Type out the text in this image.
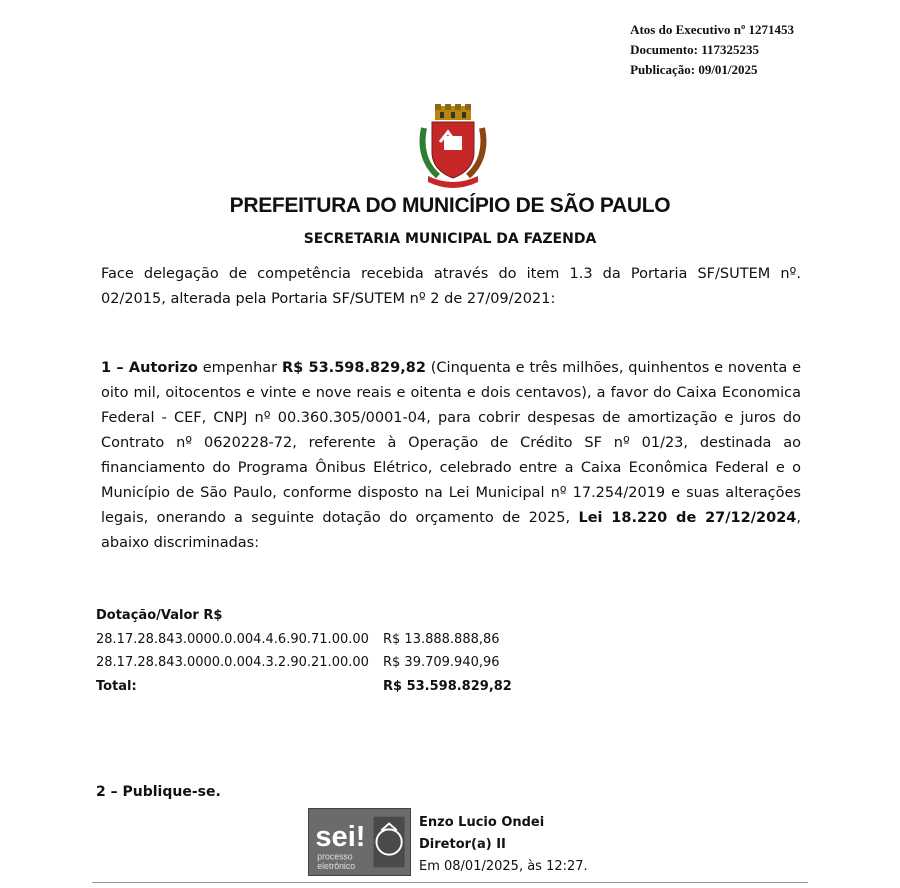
Atos do Executivo nº 1271453
Documento: 117325235
Publicação: 09/01/2025
PREFEITURA DO MUNICÍPIO DE SÃO PAULO
SECRETARIA MUNICIPAL DA FAZENDA
Face delegação de competência recebida através do item 1.3 da Portaria SF/SUTEM nº. 02/2015, alterada pela Portaria SF/SUTEM nº 2 de 27/09/2021:
1 – Autorizo empenhar R$ 53.598.829,82 (Cinquenta e três milhões, quinhentos e noventa e oito mil, oitocentos e vinte e nove reais e oitenta e dois centavos), a favor do Caixa Economica Federal - CEF, CNPJ nº 00.360.305/0001-04, para cobrir despesas de amortização e juros do Contrato nº 0620228-72, referente à Operação de Crédito SF nº 01/23, destinada ao financiamento do Programa Ônibus Elétrico, celebrado entre a Caixa Econômica Federal e o Município de São Paulo, conforme disposto na Lei Municipal nº 17.254/2019 e suas alterações legais, onerando a seguinte dotação do orçamento de 2025, Lei 18.220 de 27/12/2024, abaixo discriminadas:
Dotação/Valor R$
28.17.28.843.0000.0.004.4.6.90.71.00.00 R$ 13.888.888,86
28.17.28.843.0000.0.004.3.2.90.21.00.00 R$ 39.709.940,96
Total:	R$ 53.598.829,82
2 – Publique-se.
sei!
processo
eletrônico
Enzo Lucio Ondei
Diretor(a) II
Em 08/01/2025, às 12:27.
